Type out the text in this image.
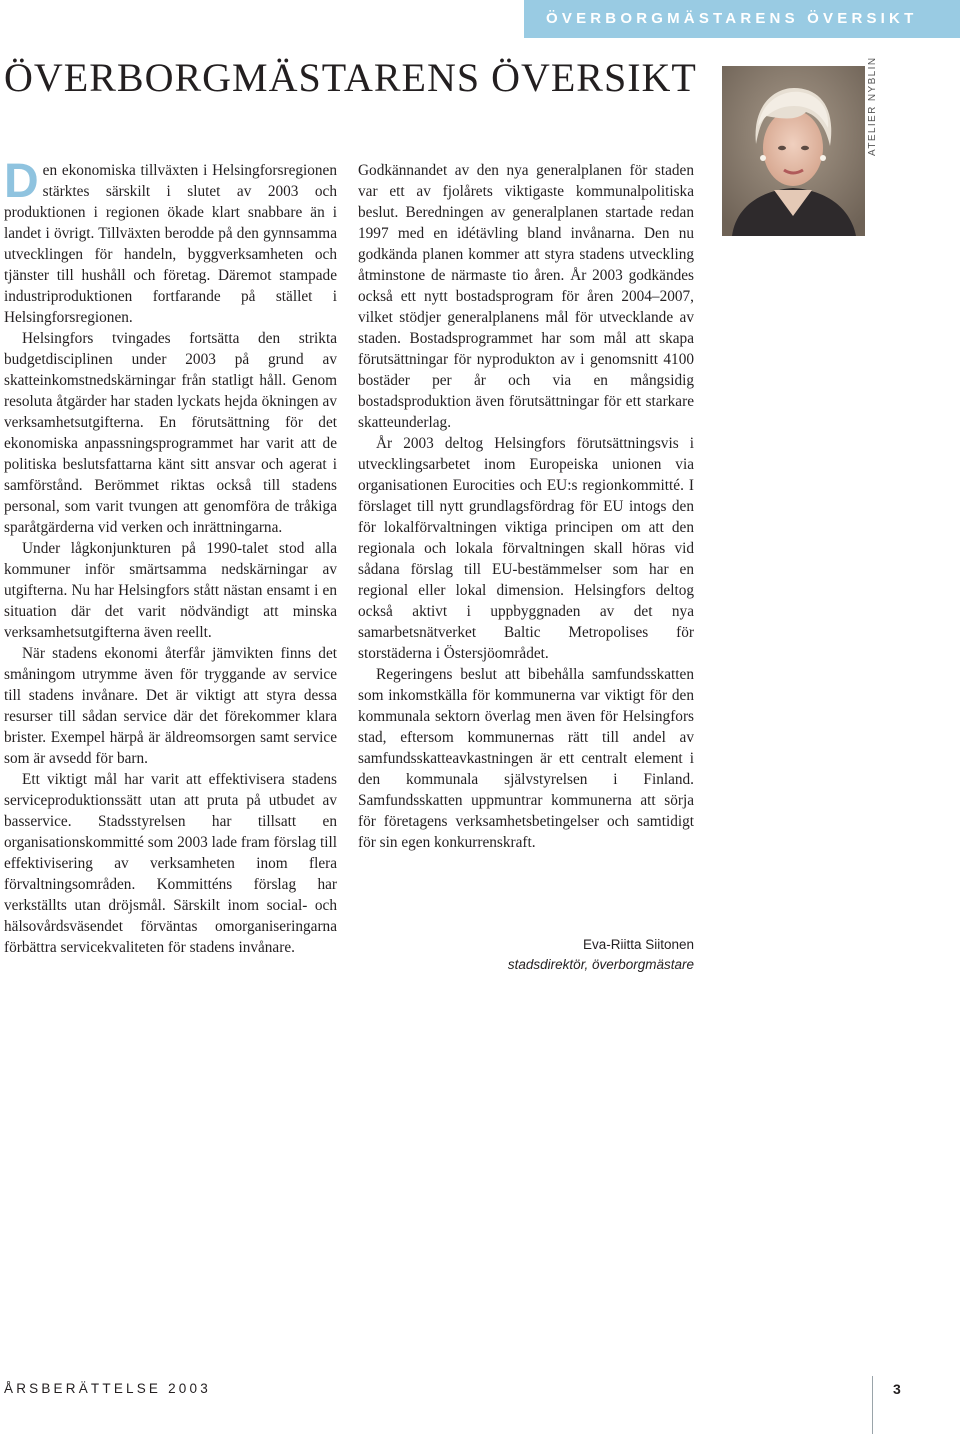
ÖVERBORGMÄSTARENS ÖVERSIKT
ÖVERBORGMÄSTARENS ÖVERSIKT

Den ekonomiska tillväxten i Helsingforsregionen stärktes särskilt i slutet av 2003 och produktionen i regionen ökade klart snabbare än i landet i övrigt. Tillväxten berodde på den gynnsamma utvecklingen för handeln, byggverksamheten och tjänster till hushåll och företag. Däremot stampade industriproduktionen fortfarande på stället i Helsingforsregionen.

Helsingfors tvingades fortsätta den strikta budgetdisciplinen under 2003 på grund av skatteinkomstnedskärningar från statligt håll. Genom resoluta åtgärder har staden lyckats hejda ökningen av verksamhetsutgifterna. En förutsättning för det ekonomiska anpassningsprogrammet har varit att de politiska beslutsfattarna känt sitt ansvar och agerat i samförstånd. Berömmet riktas också till stadens personal, som varit tvungen att genomföra de tråkiga sparåtgärderna vid verken och inrättningarna.

Under lågkonjunkturen på 1990-talet stod alla kommuner inför smärtsamma nedskärningar av utgifterna. Nu har Helsingfors stått nästan ensamt i en situation där det varit nödvändigt att minska verksamhetsutgifterna även reellt.

När stadens ekonomi återfår jämvikten finns det småningom utrymme även för tryggande av service till stadens invånare. Det är viktigt att styra dessa resurser till sådan service där det förekommer klara brister. Exempel härpå är äldreomsorgen samt service som är avsedd för barn.

Ett viktigt mål har varit att effektivisera stadens serviceproduktionssätt utan att pruta på utbudet av basservice. Stadsstyrelsen har tillsatt en organisationskommitté som 2003 lade fram förslag till effektivisering av verksamheten inom flera förvaltningsområden. Kommitténs förslag har verkställts utan dröjsmål. Särskilt inom social- och hälsovårdsväsendet förväntas omorganiseringarna förbättra servicekvaliteten för stadens invånare.

Godkännandet av den nya generalplanen för staden var ett av fjolårets viktigaste kommunalpolitiska beslut. Beredningen av generalplanen startade redan 1997 med en idétävling bland invånarna. Den nu godkända planen kommer att styra stadens utveckling åtminstone de närmaste tio åren. År 2003 godkändes också ett nytt bostadsprogram för åren 2004–2007, vilket stödjer generalplanens mål för utvecklande av staden. Bostadsprogrammet har som mål att skapa förutsättningar för nyprodukton av i genomsnitt 4100 bostäder per år och via en mångsidig bostadsproduktion även förutsättningar för ett starkare skatteunderlag.

År 2003 deltog Helsingfors förutsättningsvis i utvecklingsarbetet inom Europeiska unionen via organisationen Eurocities och EU:s regionkommitté. I förslaget till nytt grundlagsfördrag för EU intogs den för lokalförvaltningen viktiga principen om att den regionala och lokala förvaltningen skall höras vid sådana förslag till EU-bestämmelser som har en regional eller lokal dimension. Helsingfors deltog också aktivt i uppbyggnaden av det nya samarbetsnätverket Baltic Metropolises för storstäderna i Östersjöområdet.

Regeringens beslut att bibehålla samfundsskatten som inkomstkälla för kommunerna var viktigt för den kommunala sektorn överlag men även för Helsingfors stad, eftersom kommunernas rätt till andel av samfundsskatteavkastningen är ett centralt element i den kommunala självstyrelsen i Finland. Samfundsskatten uppmuntrar kommunerna att sörja för företagens verksamhetsbetingelser och samtidigt för sin egen konkurrenskraft.

ATELIER NYBLIN
Eva-Riitta Siitonen
stadsdirektör, överborgmästare
ÅRSBERÄTTELSE 2003	3
